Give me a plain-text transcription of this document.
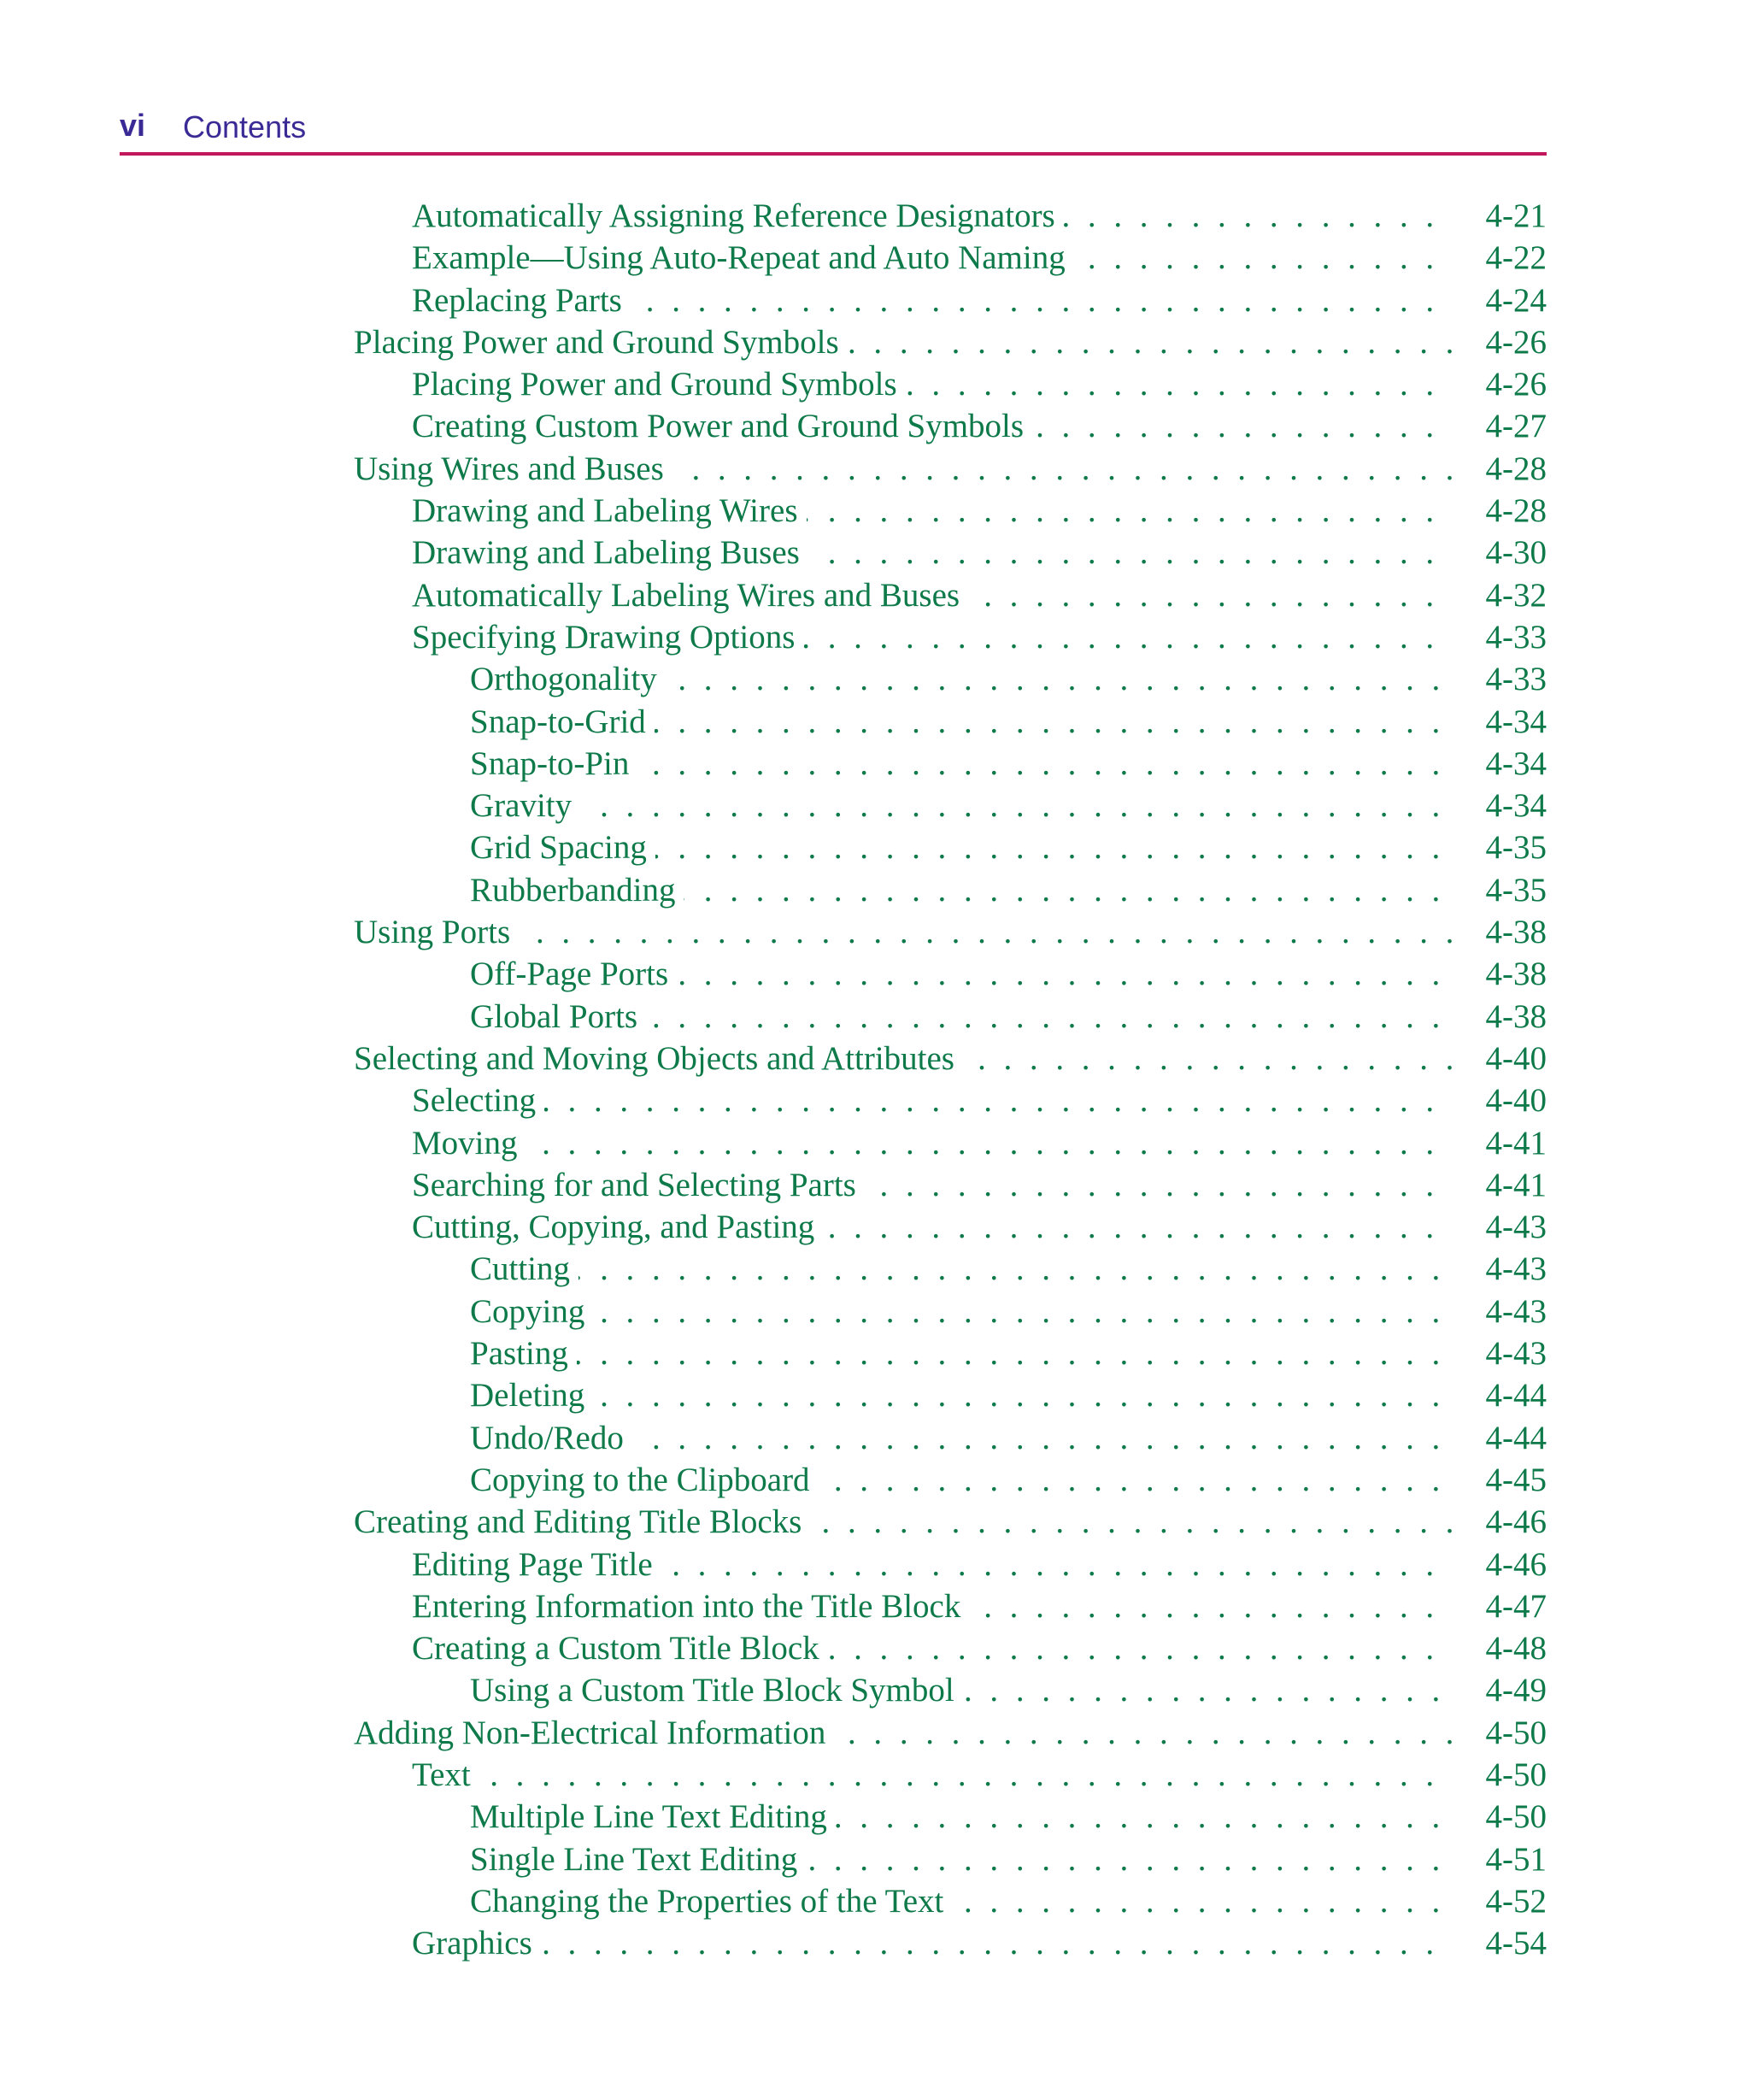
vi Contents
. . .
Automatically Assigning Reference Designators	4-21
. . .
Example—Using Auto-Repeat and Auto Naming	4-22
. . .
Replacing Parts	4-24
. . .
Placing Power and Ground Symbols	4-26
. . .
Placing Power and Ground Symbols	4-26
. . .
Creating Custom Power and Ground Symbols	4-27
. . .
Using Wires and Buses	4-28
. . .
Drawing and Labeling Wires	4-28
. . .
Drawing and Labeling Buses	4-30
. . .
Automatically Labeling Wires and Buses	4-32
. . .
Specifying Drawing Options	4-33
. . .
Orthogonality	4-33
. . .
Snap-to-Grid	4-34
. . .
Snap-to-Pin	4-34
. . .
Gravity	4-34
. . .
Grid Spacing	4-35
. . .
Rubberbanding	4-35
. . .
Using Ports	4-38
. . .
Off-Page Ports	4-38
. . .
Global Ports	4-38
. . .
Selecting and Moving Objects and Attributes	4-40
. . .
Selecting	4-40
. . .
Moving	4-41
. . .
Searching for and Selecting Parts	4-41
. . .
Cutting, Copying, and Pasting	4-43
. . .
Cutting	4-43
. . .
Copying	4-43
. . .
Pasting	4-43
. . .
Deleting	4-44
. . .
Undo/Redo	4-44
. . .
Copying to the Clipboard	4-45
. . .
Creating and Editing Title Blocks	4-46
. . .
Editing Page Title	4-46
. . .
Entering Information into the Title Block	4-47
. . .
Creating a Custom Title Block	4-48
. . .
Using a Custom Title Block Symbol	4-49
. . .
Adding Non-Electrical Information	4-50
. . .
Text	4-50
. . .
Multiple Line Text Editing	4-50
. . .
Single Line Text Editing	4-51
. . .
Changing the Properties of the Text	4-52
. . .
Graphics	4-54
